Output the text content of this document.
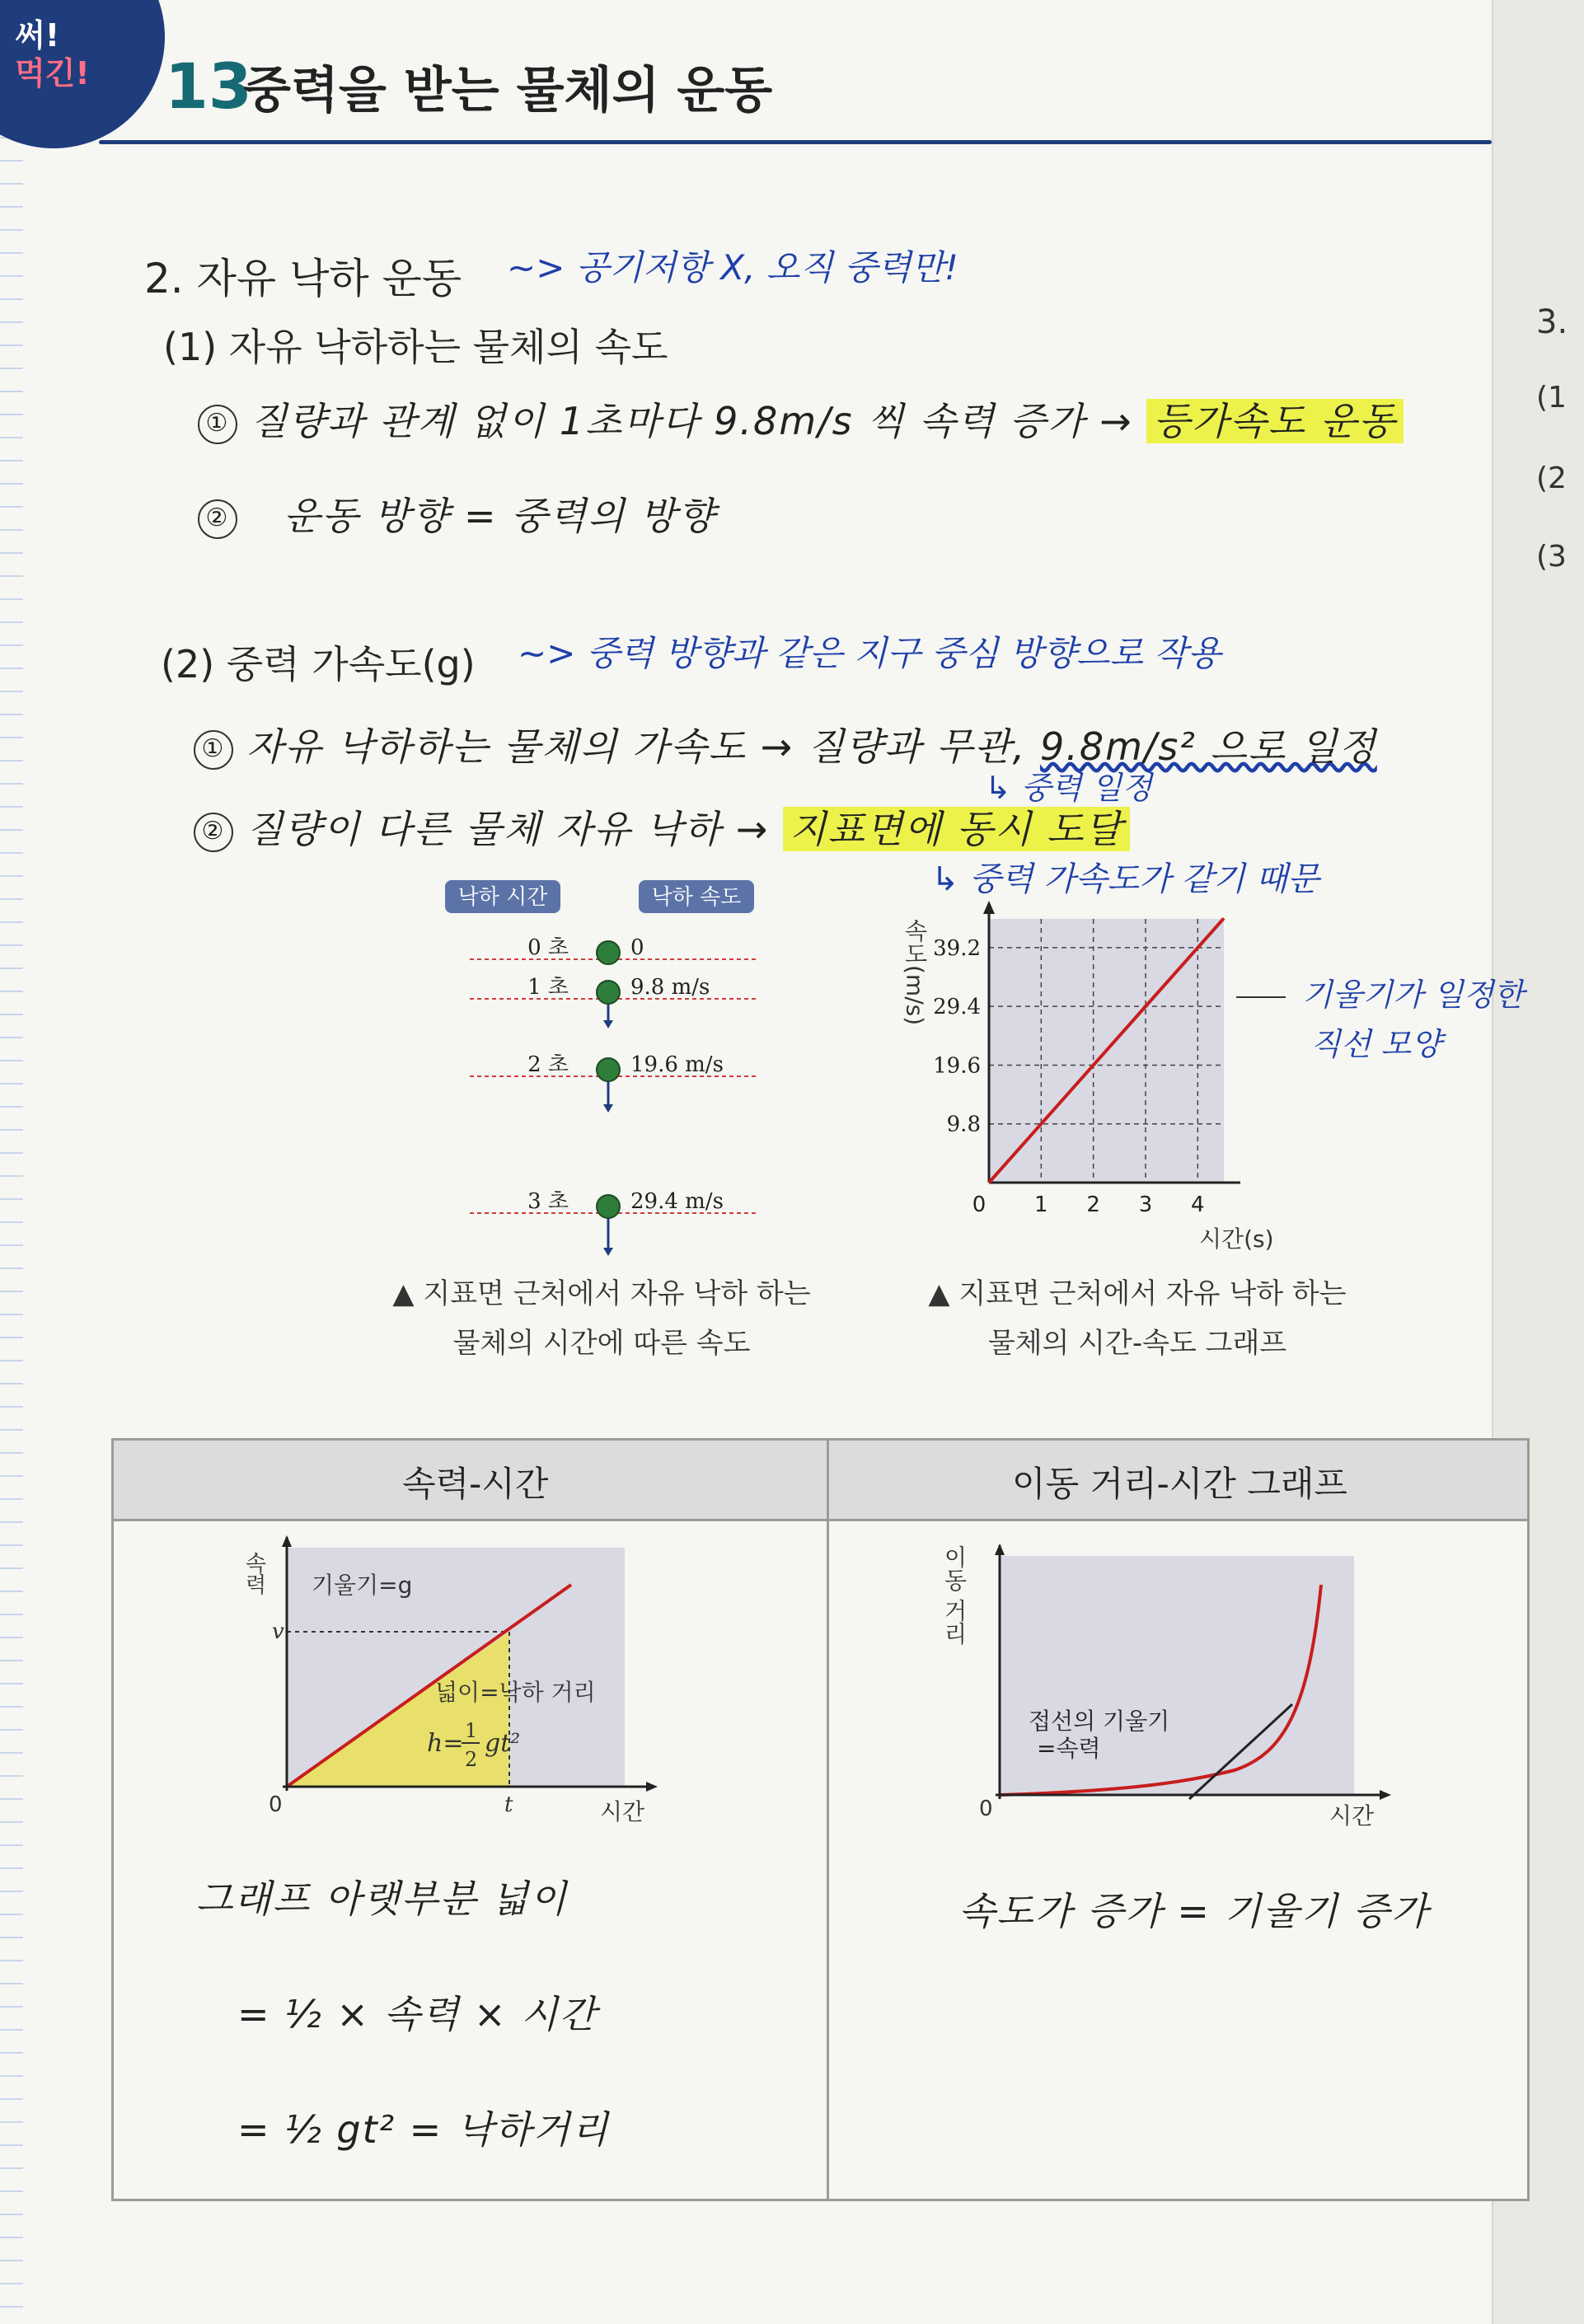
3.
(1
(2
(3
써!
먹긴! 13
중력을 받는 물체의 운동
2. 자유 낙하 운동 ~> 공기저항 X, 오직 중력만!
(1) 자유 낙하하는 물체의 속도
① 질량과 관계 없이 1초마다 9.8m/s 씩 속력 증가 → 등가속도 운동
② 운동 방향 = 중력의 방향
(2) 중력 가속도(g) ~> 중력 방향과 같은 지구 중심 방향으로 작용
① 자유 낙하하는 물체의 가속도 → 질량과 무관, 9.8m/s² 으로 일정
↳ 중력 일정
② 질량이 다른 물체 자유 낙하 → 지표면에 동시 도달
↳ 중력 가속도가 같기 때문
낙하 시간	낙하 속도
0 초	0
1 초	9.8 m/s
2 초	19.6 m/s
3 초	29.4 m/s
▲ 지표면 근처에서 자유 낙하 하는
물체의 시간에 따른 속도
0 1 2 3 4
9.8
19.6
29.4
39.2
속도(m/s)
시간(s)
기울기가 일정한
직선 모양
▲ 지표면 근처에서 자유 낙하 하는
물체의 시간-속도 그래프
속력-시간	이동 거리-시간 그래프
속력
v
0	t	시간
기울기=g
넓이=낙하 거리
h= 1
2
gt²
이동 거리
0	시간
접선의 기울기
=속력
그래프 아랫부분 넓이
= ½ × 속력 × 시간
= ½ gt² = 낙하거리
속도가 증가 = 기울기 증가
